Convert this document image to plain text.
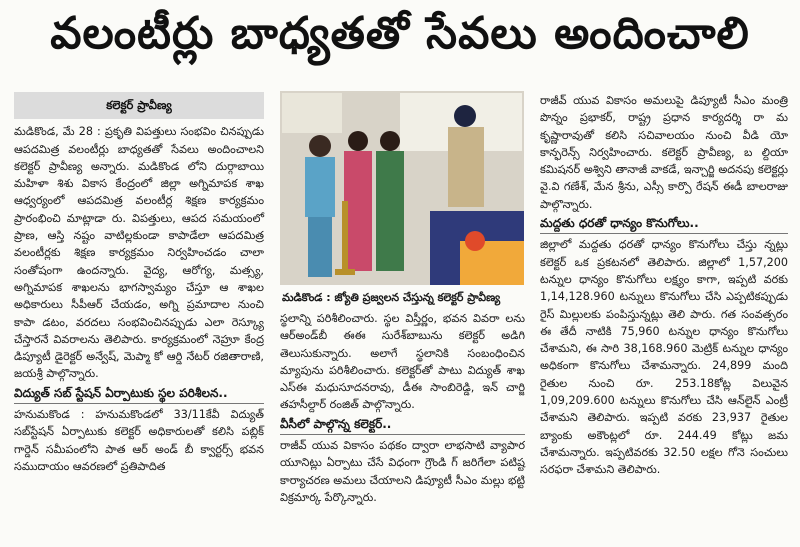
వలంటీర్లు బాధ్యతతో సేవలు అందించాలి
కలెక్టర్ ప్రావీణ్య

మడికొండ, మే 28 : ప్రకృతి విపత్తులు సంభవిం చినప్పుడు ఆపదమిత్ర వలంటీర్లు బాధ్యతతో సేవలు అందించాలని కలెక్టర్ ప్రావీణ్య అన్నారు. మడికొండ లోని దుర్గాబాయి మహిళా శిశు వికాస కేంద్రంలో జిల్లా అగ్నిమాపక శాఖ ఆధ్వర్యంలో ఆపదమిత్ర వలంటీర్ల శిక్షణ కార్యక్రమం ప్రారంభించి మాట్లాడా రు. విపత్తులు, ఆపద సమయంలో ప్రాణ, ఆస్తి నష్టం వాటిల్లకుండా కాపాడేలా ఆపదమిత్ర వలంటీర్లకు శిక్షణ కార్యక్రమం నిర్వహించడం చాలా సంతోషంగా ఉందన్నారు. వైద్య, ఆరోగ్య, మత్స్య, అగ్నిమాపక శాఖలను భాగస్వామ్యం చేస్తూ ఆ శాఖల అధికారులు సీపీఆర్ చేయడం, అగ్ని ప్రమాదాల నుంచి కాపా డటం, వరదలు సంభవించినప్పుడు ఎలా రెస్క్యూ చేస్తారనే వివరాలను తెలిపారు. కార్యక్రమంలో నెహ్రూ కేంద్ర డిప్యూటీ డైరెక్టర్ అన్వేష్, మెప్మా కో ఆర్డి నేటర్ రజితారాణి, జయశ్రీ పాల్గొన్నారు.

విద్యుత్ సబ్ స్టేషన్ ఏర్పాటుకు స్థల పరిశీలన..

హనుమకొండ : హనుమకొండలో 33/11కేవీ విద్యుత్ సబ్‌స్టేషన్ ఏర్పాటుకు కలెక్టర్ అధికారులతో కలిసి పబ్లిక్ గార్డెన్ సమీపంలోని పాత ఆర్ అండ్ బీ క్వార్టర్స్ భవన సముదాయం ఆవరణలో ప్రతిపాదిత

మడికొండ : జ్యోతి ప్రజ్వలన చేస్తున్న కలెక్టర్ ప్రావీణ్య

స్థలాన్ని పరిశీలించారు. స్థల విస్తీర్ణం, భవన వివరా లను ఆర్‌అండ్‌బీ ఈఈ సురేశ్‌బాబును కలెక్టర్ అడిగి తెలుసుకున్నారు. అలాగే స్థలానికి సంబంధించిన మ్యాపును పరిశీలించారు. కలెక్టర్‌తో పాటు విద్యుత్ శాఖ ఎస్ఈ మధుసూదనరావు, డీఈ సాంబిరెడ్డి, ఇన్ చార్జి తహసీల్దార్ రంజిత్ పాల్గొన్నారు.

వీసీలో పాల్గొన్న కలెక్టర్..

రాజీవ్ యువ వికాసం పథకం ద్వారా లాభసాటి వ్యాపార యూనిట్లు ఏర్పాటు చేసే విధంగా గ్రౌండి గ్ జరిగేలా పటిష్ట కార్యాచరణ అమలు చేయాలని డిప్యూటీ సీఎం మల్లు భట్టి విక్రమార్క పేర్కొన్నారు.

రాజీవ్ యువ వికాసం అమలుపై డిప్యూటీ సీఎం మంత్రి పొన్నం ప్రభాకర్, రాష్ట్ర ప్రధాన కార్యదర్శి రా మ కృష్ణారావుతో కలిసి సచివాలయం నుంచి వీడి యో కాన్ఫరెన్స్ నిర్వహించారు. కలెక్టర్ ప్రావీణ్య, బ ల్దియా కమిషనర్ అశ్విని తానాజీ వాకడే, ఇన్చార్జి అదనపు కలెక్టర్లు వై.వి గణేశ్, మేన శ్రీను, ఎస్సీ కార్పొ రేషన్ ఈడీ బాలరాజు పాల్గొన్నారు.

మద్దతు ధరతో ధాన్యం కొనుగోలు..

జిల్లాలో మద్దతు ధరతో ధాన్యం కొనుగోలు చేస్తు న్నట్లు కలెక్టర్ ఒక ప్రకటనలో తెలిపారు. జిల్లాలో 1,57,200 టన్నుల ధాన్యం కొనుగోలు లక్ష్యం కాగా, ఇప్పటి వరకు 1,14,128.960 టన్నులు కొనుగోలు చేసి ఎప్పటికప్పుడు రైస్ మిల్లులకు పంపిస్తున్నట్లు తెలి పారు. గత సంవత్సరం ఈ తేదీ నాటికి 75,960 టన్నుల ధాన్యం కొనుగోలు చేశామని, ఈ సారి 38,168.960 మెట్రిక్ టన్నుల ధాన్యం అధికంగా కొనుగోలు చేశామన్నారు. 24,899 మంది రైతుల నుంచి రూ. 253.18కోట్ల విలువైన 1,09,209.600 టన్నులు కొనుగోలు చేసి ఆన్‌లైన్ ఎంట్రీ చేశామని తెలిపారు. ఇప్పటి వరకు 23,937 రైతుల బ్యాంకు అకౌంట్లలో రూ. 244.49 కోట్లు జమ చేశామన్నారు. ఇప్పటివరకు 32.50 లక్షల గోనె సంచులు సరఫరా చేశామని తెలిపారు.
